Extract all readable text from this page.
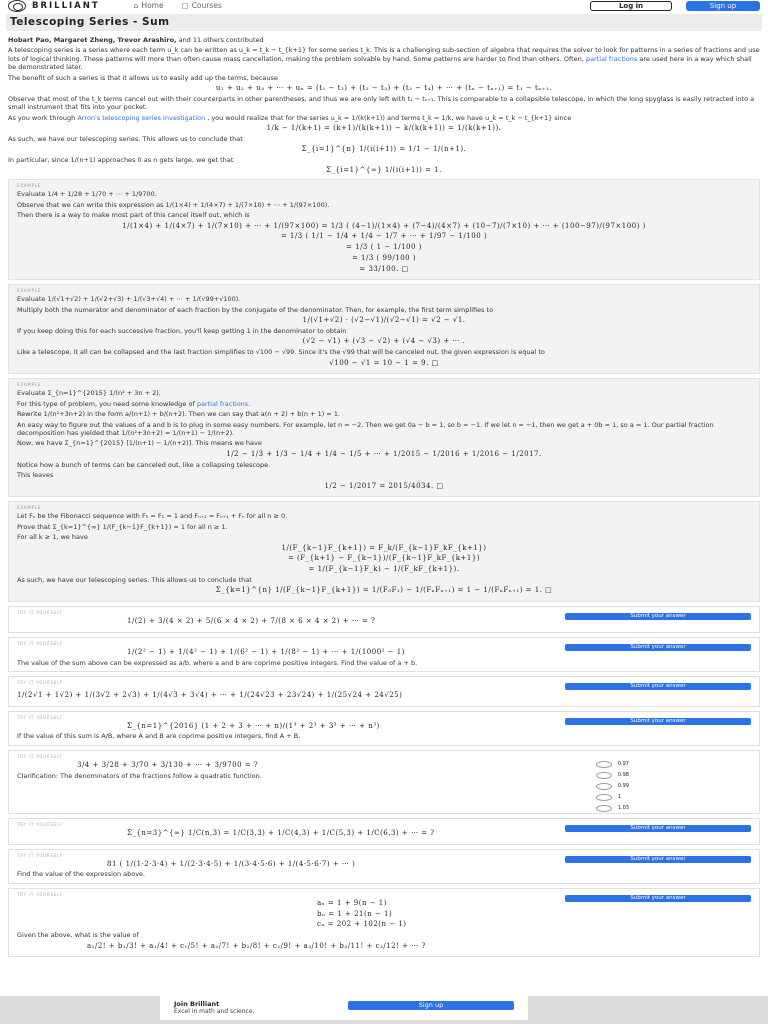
BRILLIANT	⌂ Home ▢ Courses	Log in	Sign up
Telescoping Series - Sum
Hobart Pao, Margaret Zheng, Trevor Arashiro, and 11 others contributed
A telescoping series is a series where each term u_k can be written as u_k = t_k − t_{k+1} for some series t_k. This is a challenging sub-section of algebra that requires the solver to look for patterns in a series of fractions and use lots of logical thinking. These patterns will more than often cause mass cancellation, making the problem solvable by hand. Some patterns are harder to find than others. Often, partial fractions are used here in a way which shall be demonstrated later.
The benefit of such a series is that it allows us to easily add up the terms, because
u₁ + u₂ + u₃ + ⋯ + uₙ = (t₁ − t₂) + (t₂ − t₃) + (t₃ − t₄) + ⋯ + (tₙ − tₙ₊₁) = t₁ − tₙ₊₁.
Observe that most of the t_k terms cancel out with their counterparts in other parentheses, and thus we are only left with t₁ − tₙ₊₁. This is comparable to a collapsible telescope, in which the long spyglass is easily retracted into a small instrument that fits into your pocket.
As you work through Arron's telescoping series investigation , you would realize that for the series u_k = 1/(k(k+1)) and terms t_k = 1/k, we have u_k = t_k − t_{k+1} since
1/k − 1/(k+1) = (k+1)/(k(k+1)) − k/(k(k+1)) = 1/(k(k+1)).
As such, we have our telescoping series. This allows us to conclude that
Σ_{i=1}^{n} 1/(i(i+1)) = 1/1 − 1/(n+1).
In particular, since 1/(n+1) approaches 0 as n gets large, we get that
Σ_{i=1}^{∞} 1/(i(i+1)) = 1.
EXAMPLE
Evaluate 1/4 + 1/28 + 1/70 + ⋯ + 1/9700.
Observe that we can write this expression as 1/(1×4) + 1/(4×7) + 1/(7×10) + ⋯ + 1/(97×100).
Then there is a way to make most part of this cancel itself out, which is
1/(1×4) + 1/(4×7) + 1/(7×10) + ⋯ + 1/(97×100) = 1/3 ( (4−1)/(1×4) + (7−4)/(4×7) + (10−7)/(7×10) + ⋯ + (100−97)/(97×100) )
= 1/3 ( 1/1 − 1/4 + 1/4 − 1/7 + ⋯ + 1/97 − 1/100 )
= 1/3 ( 1 − 1/100 )
= 1/3 ( 99/100 )
= 33/100. □
EXAMPLE
Evaluate 1/(√1+√2) + 1/(√2+√3) + 1/(√3+√4) + ⋯ + 1/(√99+√100).
Multiply both the numerator and denominator of each fraction by the conjugate of the denominator. Then, for example, the first term simplifies to
1/(√1+√2) · (√2−√1)/(√2−√1) = √2 − √1.
If you keep doing this for each successive fraction, you'll keep getting 1 in the denominator to obtain
(√2 − √1) + (√3 − √2) + (√4 − √3) + ⋯ .
Like a telescope, it all can be collapsed and the last fraction simplifies to √100 − √99. Since it's the √99 that will be canceled out, the given expression is equal to
√100 − √1 = 10 − 1 = 9. □
EXAMPLE
Evaluate Σ_{n=1}^{2015} 1/(n² + 3n + 2).
For this type of problem, you need some knowledge of partial fractions.
Rewrite 1/(n²+3n+2) in the form a/(n+1) + b/(n+2). Then we can say that a(n + 2) + b(n + 1) = 1.
An easy way to figure out the values of a and b is to plug in some easy numbers. For example, let n = −2. Then we get 0a − b = 1, so b = −1. If we let n = −1, then we get a + 0b = 1, so a = 1. Our partial fraction decomposition has yielded that 1/(n²+3n+2) = 1/(n+1) − 1/(n+2).
Now, we have Σ_{n=1}^{2015} [1/(n+1) − 1/(n+2)]. This means we have
1/2 − 1/3 + 1/3 − 1/4 + 1/4 − 1/5 + ⋯ + 1/2015 − 1/2016 + 1/2016 − 1/2017.
Notice how a bunch of terms can be canceled out, like a collapsing telescope.
This leaves
1/2 − 1/2017 = 2015/4034. □
EXAMPLE
Let Fₙ be the Fibonacci sequence with F₀ = F₁ = 1 and Fₙ₊₂ = Fₙ₊₁ + Fₙ for all n ≥ 0.
Prove that Σ_{k=1}^{∞} 1/(F_{k−1}F_{k+1}) = 1 for all n ≥ 1.
For all k ≥ 1, we have
1/(F_{k−1}F_{k+1}) = F_k/(F_{k−1}F_kF_{k+1})
= (F_{k+1} − F_{k−1})/(F_{k−1}F_kF_{k+1})
= 1/(F_{k−1}F_k) − 1/(F_kF_{k+1}).
As such, we have our telescoping series. This allows us to conclude that
Σ_{k=1}^{n} 1/(F_{k−1}F_{k+1}) = 1/(F₀F₁) − 1/(FₙFₙ₊₁) = 1 − 1/(FₙFₙ₊₁) = 1. □
TRY IT YOURSELF
Submit your answer
1/(2) + 3/(4 × 2) + 5/(6 × 4 × 2) + 7/(8 × 6 × 4 × 2) + ⋯ = ?
TRY IT YOURSELF
Submit your answer
1/(2² − 1) + 1/(4² − 1) + 1/(6² − 1) + 1/(8² − 1) + ⋯ + 1/(1000² − 1)
The value of the sum above can be expressed as a/b, where a and b are coprime positive integers. Find the value of a + b.
TRY IT YOURSELF
Submit your answer
1/(2√1 + 1√2) + 1/(3√2 + 2√3) + 1/(4√3 + 3√4) + ⋯ + 1/(24√23 + 23√24) + 1/(25√24 + 24√25)
TRY IT YOURSELF
Submit your answer
Σ_{n=1}^{2016} (1 + 2 + 3 + ⋯ + n)/(1³ + 2³ + 3³ + ⋯ + n³)
If the value of this sum is A/B, where A and B are coprime positive integers, find A + B.
TRY IT YOURSELF
3/4 + 3/28 + 3/70 + 3/130 + ⋯ + 3/9700 = ?
Clarification: The denominators of the fractions follow a quadratic function.
0.97
0.98
0.99
1
1.03
TRY IT YOURSELF
Submit your answer
Σ_{n=3}^{∞} 1/C(n,3) = 1/C(3,3) + 1/C(4,3) + 1/C(5,3) + 1/C(6,3) + ⋯ = ?
TRY IT YOURSELF
Submit your answer
81 ( 1/(1·2·3·4) + 1/(2·3·4·5) + 1/(3·4·5·6) + 1/(4·5·6·7) + ⋯ )
Find the value of the expression above.
TRY IT YOURSELF
Submit your answer
aₙ = 1 + 9(n − 1)
bₙ = 1 + 21(n − 1)
cₙ = 202 + 102(n − 1)
Given the above, what is the value of
a₁/2! + b₁/3! + a₁/4! + c₁/5! + a₂/7! + b₂/8! + c₂/9! + a₃/10! + b₃/11! + c₃/12! + ⋯ ?
Join Brilliant
Excel in math and science.
Sign up
